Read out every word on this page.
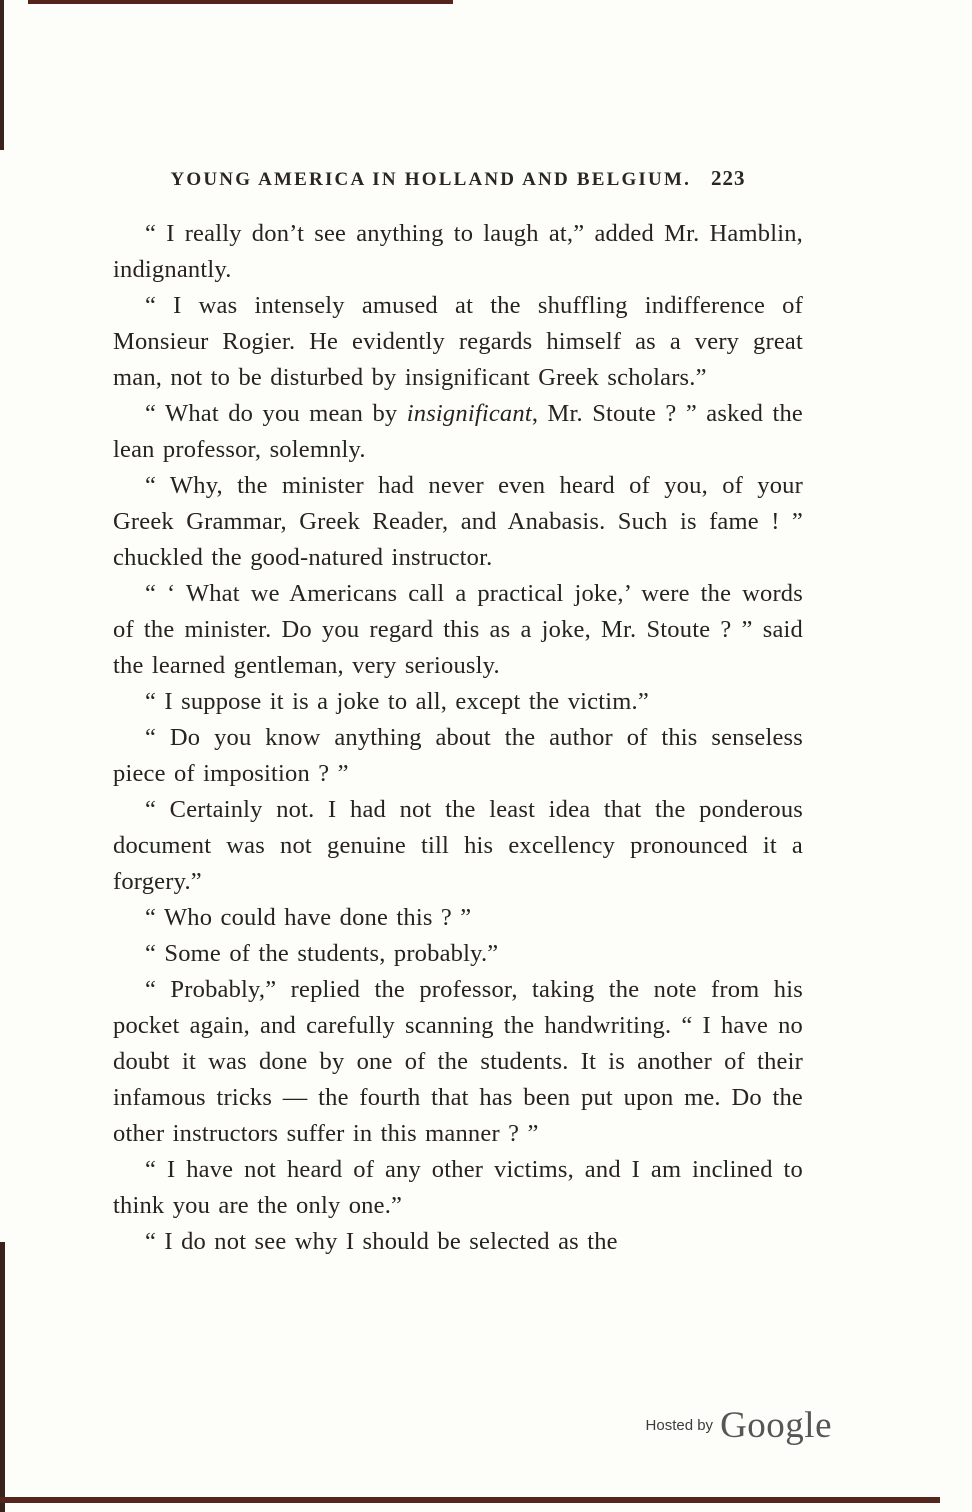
YOUNG AMERICA IN HOLLAND AND BELGIUM. 223

“ I really don’t see anything to laugh at,” added Mr. Hamblin, indignantly.

“ I was intensely amused at the shuffling indifference of Monsieur Rogier. He evidently regards himself as a very great man, not to be disturbed by insignificant Greek scholars.”

“ What do you mean by insignificant, Mr. Stoute ? ” asked the lean professor, solemnly.

“ Why, the minister had never even heard of you, of your Greek Grammar, Greek Reader, and Anabasis. Such is fame ! ” chuckled the good-natured instructor.

“ ‘ What we Americans call a practical joke,’ were the words of the minister. Do you regard this as a joke, Mr. Stoute ? ” said the learned gentleman, very seriously.

“ I suppose it is a joke to all, except the victim.”

“ Do you know anything about the author of this senseless piece of imposition ? ”

“ Certainly not. I had not the least idea that the ponderous document was not genuine till his excellency pronounced it a forgery.”

“ Who could have done this ? ”

“ Some of the students, probably.”

“ Probably,” replied the professor, taking the note from his pocket again, and carefully scanning the handwriting. “ I have no doubt it was done by one of the students. It is another of their infamous tricks — the fourth that has been put upon me. Do the other instructors suffer in this manner ? ”

“ I have not heard of any other victims, and I am inclined to think you are the only one.”

“ I do not see why I should be selected as the

Hosted by Google
